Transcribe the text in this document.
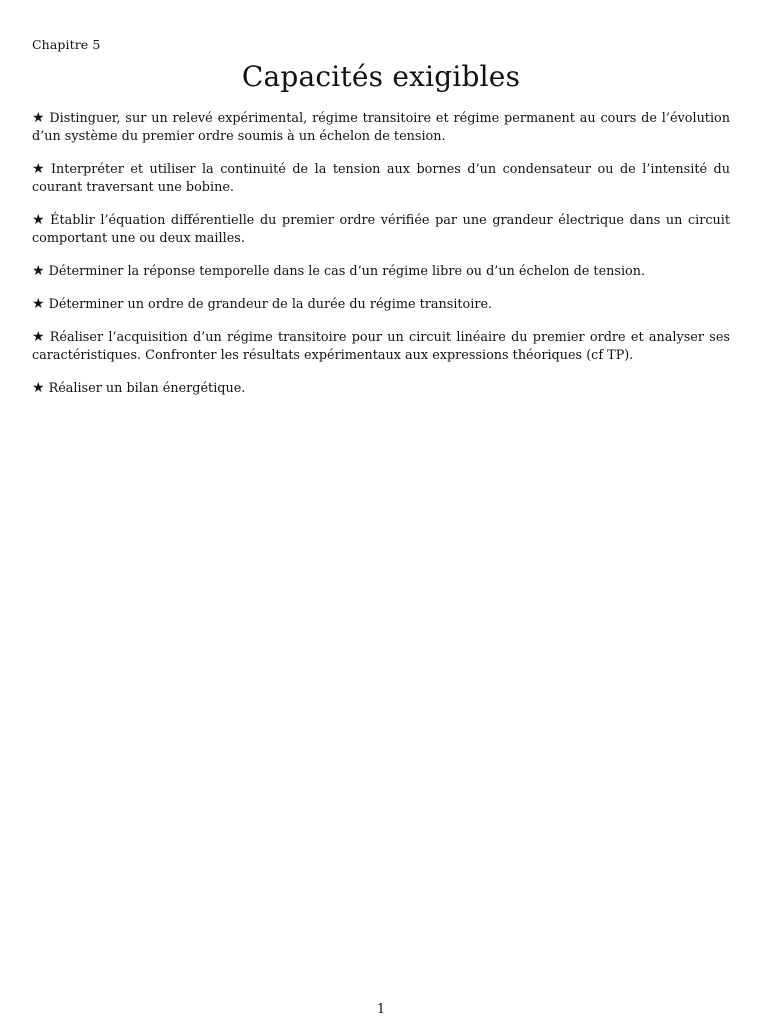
Chapitre 5
Capacités exigibles
★ Distinguer, sur un relevé expérimental, régime transitoire et régime permanent au cours de l’évolution d’un système du premier ordre soumis à un échelon de tension.
★ Interpréter et utiliser la continuité de la tension aux bornes d’un condensateur ou de l’intensité du courant traversant une bobine.
★ Établir l’équation différentielle du premier ordre vérifiée par une grandeur électrique dans un circuit comportant une ou deux mailles.
★ Déterminer la réponse temporelle dans le cas d’un régime libre ou d’un échelon de tension.
★ Déterminer un ordre de grandeur de la durée du régime transitoire.
★ Réaliser l’acquisition d’un régime transitoire pour un circuit linéaire du premier ordre et analyser ses caractéristiques. Confronter les résultats expérimentaux aux expressions théoriques (cf TP).
★ Réaliser un bilan énergétique.
1
